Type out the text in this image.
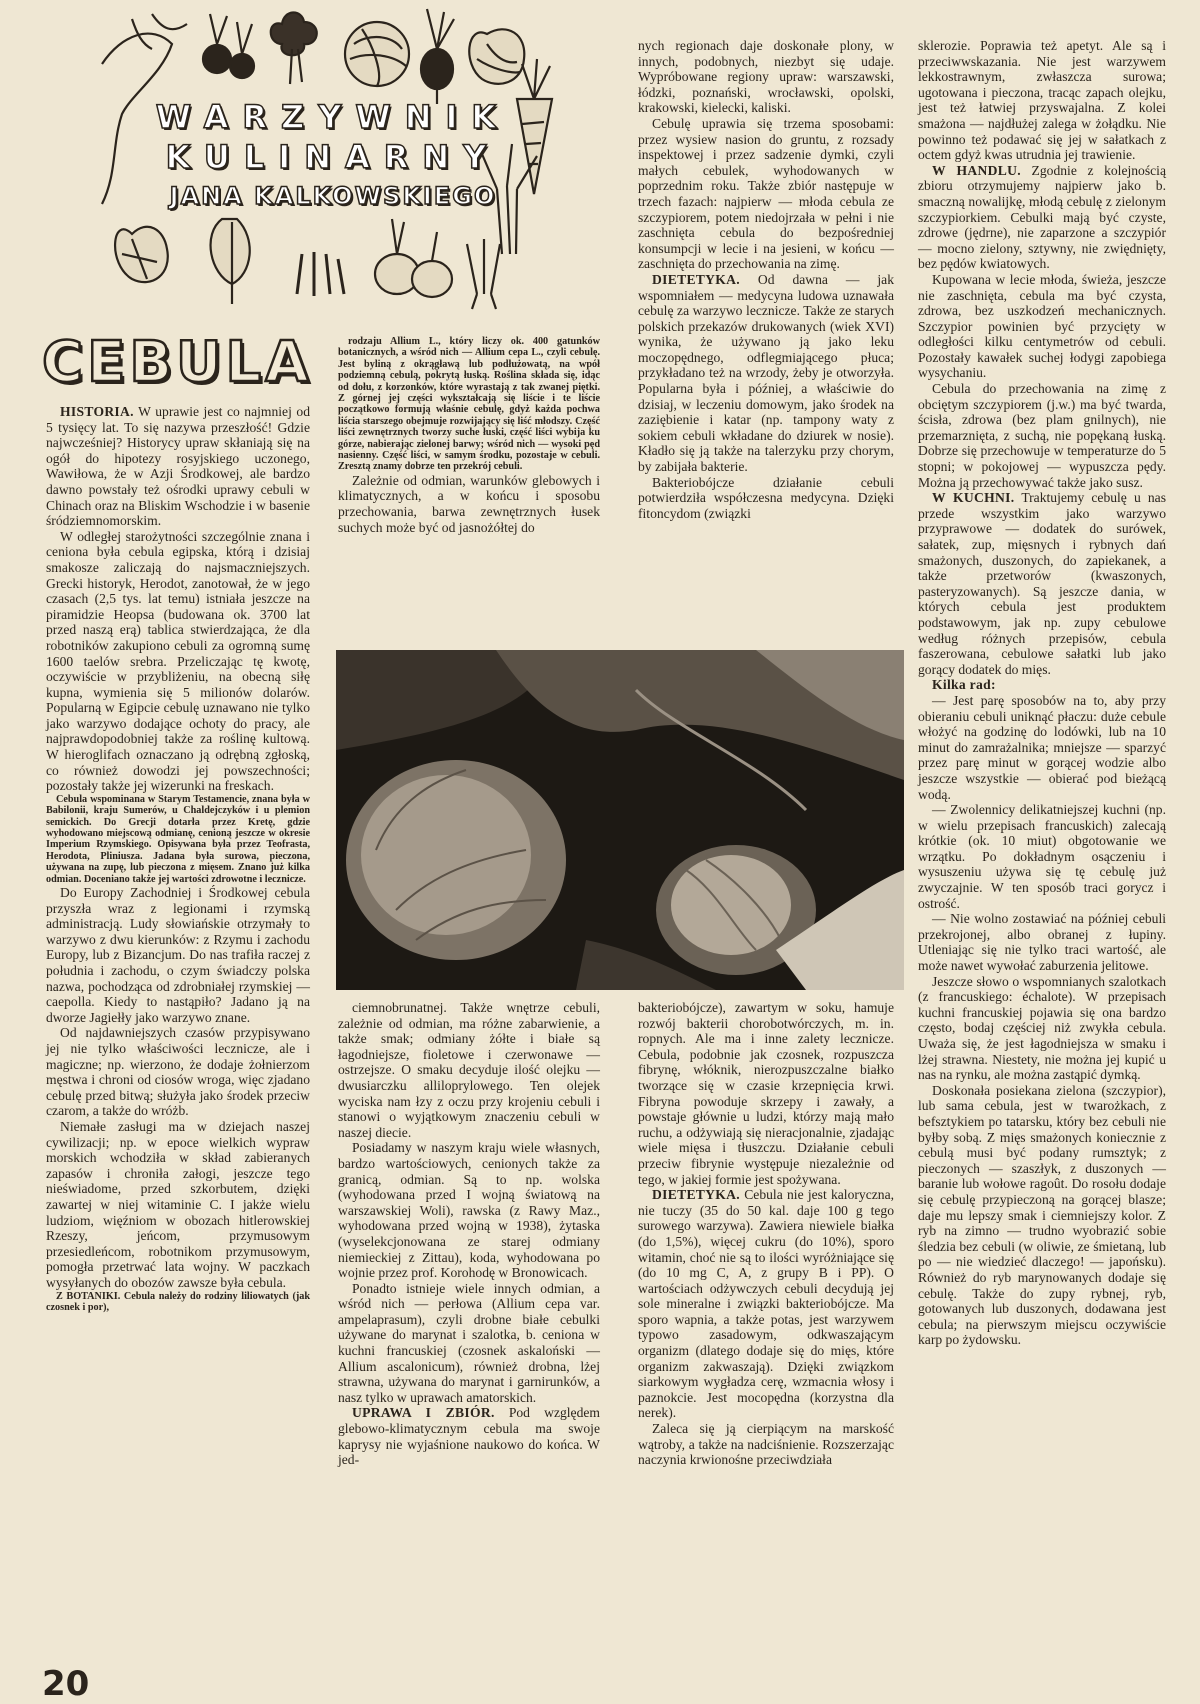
WARZYWNIK
KULINARNY
JANA KALKOWSKIEGO
CEBULA

HISTORIA. W uprawie jest co najmniej od 5 tysięcy lat. To się nazywa przeszłość! Gdzie najwcześniej? Historycy upraw skłaniają się na ogół do hipotezy rosyjskiego uczonego, Wawiłowa, że w Azji Środkowej, ale bardzo dawno powstały też ośrodki uprawy cebuli w Chinach oraz na Bliskim Wschodzie i w basenie śródziemnomorskim.

W odległej starożytności szczególnie znana i ceniona była cebula egipska, którą i dzisiaj smakosze zaliczają do najsmaczniejszych. Grecki historyk, Herodot, zanotował, że w jego czasach (2,5 tys. lat temu) istniała jeszcze na piramidzie Heopsa (budowana ok. 3700 lat przed naszą erą) tablica stwierdzająca, że dla robotników zakupiono cebuli za ogromną sumę 1600 taelów srebra. Przeliczając tę kwotę, oczywiście w przybliżeniu, na obecną siłę kupna, wymienia się 5 milionów dolarów. Popularną w Egipcie cebulę uznawano nie tylko jako warzywo dodające ochoty do pracy, ale najprawdopodobniej także za roślinę kultową. W hieroglifach oznaczano ją odrębną zgłoską, co również dowodzi jej powszechności; pozostały także jej wizerunki na freskach.

Cebula wspominana w Starym Testamencie, znana była w Babilonii, kraju Sumerów, u Chaldejczyków i u plemion semickich. Do Grecji dotarła przez Kretę, gdzie wyhodowano miejscową odmianę, cenioną jeszcze w okresie Imperium Rzymskiego. Opisywana była przez Teofrasta, Herodota, Pliniusza. Jadana była surowa, pieczona, używana na zupę, lub pieczona z mięsem. Znano już kilka odmian. Doceniano także jej wartości zdrowotne i lecznicze.

Do Europy Zachodniej i Środkowej cebula przyszła wraz z legionami i rzymską administracją. Ludy słowiańskie otrzymały to warzywo z dwu kierunków: z Rzymu i zachodu Europy, lub z Bizancjum. Do nas trafiła raczej z południa i zachodu, o czym świadczy polska nazwa, pochodząca od zdrobniałej rzymskiej — caepolla. Kiedy to nastąpiło? Jadano ją na dworze Jagiełły jako warzywo znane.

Od najdawniejszych czasów przypisywano jej nie tylko właściwości lecznicze, ale i magiczne; np. wierzono, że dodaje żołnierzom męstwa i chroni od ciosów wroga, więc zjadano cebulę przed bitwą; służyła jako środek przeciw czarom, a także do wróżb.

Niemałe zasługi ma w dziejach naszej cywilizacji; np. w epoce wielkich wypraw morskich wchodziła w skład zabieranych zapasów i chroniła załogi, jeszcze tego nieświadome, przed szkorbutem, dzięki zawartej w niej witaminie C. I jakże wielu ludziom, więźniom w obozach hitlerowskiej Rzeszy, jeńcom, przymusowym przesiedleńcom, robotnikom przymusowym, pomogła przetrwać lata wojny. W paczkach wysyłanych do obozów zawsze była cebula.

Z BOTANIKI. Cebula należy do rodziny liliowatych (jak czosnek i por),

rodzaju Allium L., który liczy ok. 400 gatunków botanicznych, a wśród nich — Allium cepa L., czyli cebulę. Jest byliną z okrągławą lub podłużowatą, na wpół podziemną cebulą, pokrytą łuską. Roślina składa się, idąc od dołu, z korzonków, które wyrastają z tak zwanej piętki. Z górnej jej części wykształcają się liście i te liście początkowo formują właśnie cebulę, gdyż każda pochwa liścia starszego obejmuje rozwijający się liść młodszy. Część liści zewnętrznych tworzy suche łuski, część liści wybija ku górze, nabierając zielonej barwy; wśród nich — wysoki pęd nasienny. Część liści, w samym środku, pozostaje w cebuli. Zresztą znamy dobrze ten przekrój cebuli.

Zależnie od odmian, warunków glebowych i klimatycznych, a w końcu i sposobu przechowania, barwa zewnętrznych łusek suchych może być od jasnożółtej do

ciemnobrunatnej. Także wnętrze cebuli, zależnie od odmian, ma różne zabarwienie, a także smak; odmiany żółte i białe są łagodniejsze, fioletowe i czerwonawe — ostrzejsze. O smaku decyduje ilość olejku — dwusiarczku alliloprylowego. Ten olejek wyciska nam łzy z oczu przy krojeniu cebuli i stanowi o wyjątkowym znaczeniu cebuli w naszej diecie.

Posiadamy w naszym kraju wiele własnych, bardzo wartościowych, cenionych także za granicą, odmian. Są to np. wolska (wyhodowana przed I wojną światową na warszawskiej Woli), rawska (z Rawy Maz., wyhodowana przed wojną w 1938), żytaska (wyselekcjonowana ze starej odmiany niemieckiej z Zittau), koda, wyhodowana po wojnie przez prof. Korohodę w Bronowicach.

Ponadto istnieje wiele innych odmian, a wśród nich — perłowa (Allium cepa var. ampelaprasum), czyli drobne białe cebulki używane do marynat i szalotka, b. ceniona w kuchni francuskiej (czosnek askaloński — Allium ascalonicum), również drobna, lżej strawna, używana do marynat i garnirunków, a nasz tylko w uprawach amatorskich.

UPRAWA I ZBIÓR. Pod względem glebowo-klimatycznym cebula ma swoje kaprysy nie wyjaśnione naukowo do końca. W jed-

nych regionach daje doskonałe plony, w innych, podobnych, niezbyt się udaje. Wypróbowane regiony upraw: warszawski, łódzki, poznański, wrocławski, opolski, krakowski, kielecki, kaliski.

Cebulę uprawia się trzema sposobami: przez wysiew nasion do gruntu, z rozsady inspektowej i przez sadzenie dymki, czyli małych cebulek, wyhodowanych w poprzednim roku. Także zbiór następuje w trzech fazach: najpierw — młoda cebula ze szczypiorem, potem niedojrzała w pełni i nie zaschnięta cebula do bezpośredniej konsumpcji w lecie i na jesieni, w końcu — zaschnięta do przechowania na zimę.

DIETETYKA. Od dawna — jak wspomniałem — medycyna ludowa uznawała cebulę za warzywo lecznicze. Także ze starych polskich przekazów drukowanych (wiek XVI) wynika, że używano ją jako leku moczopędnego, odflegmiającego płuca; przykładano też na wrzody, żeby je otworzyła. Popularna była i później, a właściwie do dzisiaj, w leczeniu domowym, jako środek na zaziębienie i katar (np. tampony waty z sokiem cebuli wkładane do dziurek w nosie). Kładło się ją także na talerzyku przy chorym, by zabijała bakterie.

Bakteriobójcze działanie cebuli potwierdziła współczesna medycyna. Dzięki fitoncydom (związki

bakteriobójcze), zawartym w soku, hamuje rozwój bakterii chorobotwórczych, m. in. ropnych. Ale ma i inne zalety lecznicze. Cebula, podobnie jak czosnek, rozpuszcza fibrynę, włóknik, nierozpuszczalne białko tworzące się w czasie krzepnięcia krwi. Fibryna powoduje skrzepy i zawały, a powstaje głównie u ludzi, którzy mają mało ruchu, a odżywiają się nieracjonalnie, zjadając wiele mięsa i tłuszczu. Działanie cebuli przeciw fibrynie występuje niezależnie od tego, w jakiej formie jest spożywana.

DIETETYKA. Cebula nie jest kaloryczna, nie tuczy (35 do 50 kal. daje 100 g tego surowego warzywa). Zawiera niewiele białka (do 1,5%), więcej cukru (do 10%), sporo witamin, choć nie są to ilości wyróżniające się (do 10 mg C, A, z grupy B i PP). O wartościach odżywczych cebuli decydują jej sole mineralne i związki bakteriobójcze. Ma sporo wapnia, a także potas, jest warzywem typowo zasadowym, odkwaszającym organizm (dlatego dodaje się do mięs, które organizm zakwaszają). Dzięki związkom siarkowym wygładza cerę, wzmacnia włosy i paznokcie. Jest mocopędna (korzystna dla nerek).

Zaleca się ją cierpiącym na marskość wątroby, a także na nadciśnienie. Rozszerzając naczynia krwionośne przeciwdziała

sklerozie. Poprawia też apetyt. Ale są i przeciwwskazania. Nie jest warzywem lekkostrawnym, zwłaszcza surowa; ugotowana i pieczona, tracąc zapach olejku, jest też łatwiej przyswajalna. Z kolei smażona — najdłużej zalega w żołądku. Nie powinno też podawać się jej w sałatkach z octem gdyż kwas utrudnia jej trawienie.

W HANDLU. Zgodnie z kolejnością zbioru otrzymujemy najpierw jako b. smaczną nowalijkę, młodą cebulę z zielonym szczypiorkiem. Cebulki mają być czyste, zdrowe (jędrne), nie zaparzone a szczypiór — mocno zielony, sztywny, nie zwiędnięty, bez pędów kwiatowych.

Kupowana w lecie młoda, świeża, jeszcze nie zaschnięta, cebula ma być czysta, zdrowa, bez uszkodzeń mechanicznych. Szczypior powinien być przycięty w odległości kilku centymetrów od cebuli. Pozostały kawałek suchej łodygi zapobiega wysychaniu.

Cebula do przechowania na zimę z obciętym szczypiorem (j.w.) ma być twarda, ścisła, zdrowa (bez plam gnilnych), nie przemarznięta, z suchą, nie popękaną łuską. Dobrze się przechowuje w temperaturze do 5 stopni; w pokojowej — wypuszcza pędy. Można ją przechowywać także jako susz.

W KUCHNI. Traktujemy cebulę u nas przede wszystkim jako warzywo przyprawowe — dodatek do surówek, sałatek, zup, mięsnych i rybnych dań smażonych, duszonych, do zapiekanek, a także przetworów (kwaszonych, pasteryzowanych). Są jeszcze dania, w których cebula jest produktem podstawowym, jak np. zupy cebulowe według różnych przepisów, cebula faszerowana, cebulowe sałatki lub jako gorący dodatek do mięs.

Kilka rad:

— Jest parę sposobów na to, aby przy obieraniu cebuli uniknąć płaczu: duże cebule włożyć na godzinę do lodówki, lub na 10 minut do zamrażalnika; mniejsze — sparzyć przez parę minut w gorącej wodzie albo jeszcze wszystkie — obierać pod bieżącą wodą.

— Zwolennicy delikatniejszej kuchni (np. w wielu przepisach francuskich) zalecają krótkie (ok. 10 miut) obgotowanie we wrzątku. Po dokładnym osączeniu i wysuszeniu używa się tę cebulę już zwyczajnie. W ten sposób traci gorycz i ostrość.

— Nie wolno zostawiać na później cebuli przekrojonej, albo obranej z łupiny. Utleniając się nie tylko traci wartość, ale może nawet wywołać zaburzenia jelitowe.

Jeszcze słowo o wspomnianych szalotkach (z francuskiego: échalote). W przepisach kuchni francuskiej pojawia się ona bardzo często, bodaj częściej niż zwykła cebula. Uważa się, że jest łagodniejsza w smaku i lżej strawna. Niestety, nie można jej kupić u nas na rynku, ale można zastąpić dymką.

Doskonała posiekana zielona (szczypior), lub sama cebula, jest w twarożkach, z befsztykiem po tatarsku, który bez cebuli nie byłby sobą. Z mięs smażonych koniecznie z cebulą musi być podany rumsztyk; z pieczonych — szaszłyk, z duszonych — baranie lub wołowe ragoût. Do rosołu dodaje się cebulę przypieczoną na gorącej blasze; daje mu lepszy smak i ciemniejszy kolor. Z ryb na zimno — trudno wyobrazić sobie śledzia bez cebuli (w oliwie, ze śmietaną, lub po — nie wiedzieć dlaczego! — japońsku). Również do ryb marynowanych dodaje się cebulę. Także do zupy rybnej, ryb, gotowanych lub duszonych, dodawana jest cebula; na pierwszym miejscu oczywiście karp po żydowsku.

20
